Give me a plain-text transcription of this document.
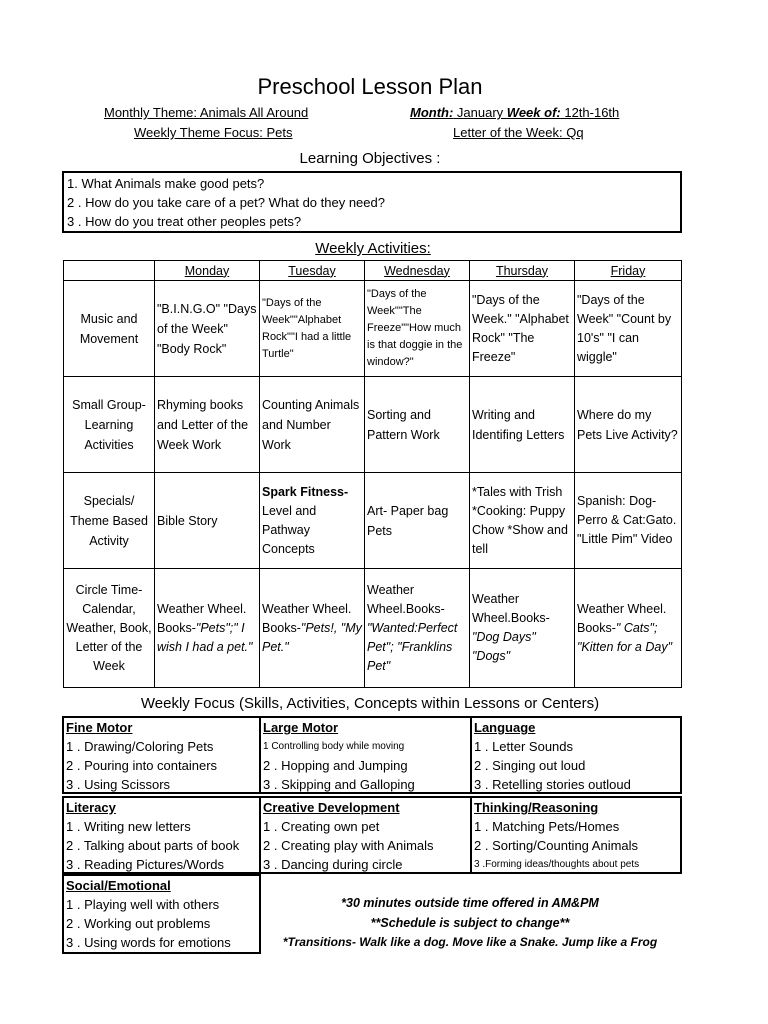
Preschool Lesson Plan
Monthly Theme: Animals All Around
Weekly Theme Focus: Pets
Month: January Week of: 12th-16th
Letter of the Week: Qq
Learning Objectives :
1. What Animals make good pets?
2 . How do you take care of a pet? What do they need?
3 . How do you treat other peoples pets?
Weekly Activities:
	Monday	Tuesday	Wednesday	Thursday	Friday
Music and Movement	"B.I.N.G.O" "Days of the Week" "Body Rock"	"Days of the Week""Alphabet Rock""I had a little Turtle"	"Days of the Week""The Freeze""How much is that doggie in the window?"	"Days of the Week." "Alphabet Rock" "The Freeze"	"Days of the Week" "Count by 10's" "I can wiggle"
Small Group- Learning Activities	Rhyming books and Letter of the Week Work	Counting Animals and Number Work	Sorting and Pattern Work	Writing and Identifing Letters	Where do my Pets Live Activity?
Specials/ Theme Based Activity	Bible Story	Spark Fitness- Level and Pathway Concepts	Art- Paper bag Pets	*Tales with Trish *Cooking: Puppy Chow *Show and tell	Spanish: Dog-Perro & Cat:Gato. "Little Pim" Video
Circle Time- Calendar, Weather, Book, Letter of the Week	Weather Wheel. Books-"Pets";" I wish I had a pet."	Weather Wheel. Books-"Pets!, "My Pet."	Weather Wheel.Books-"Wanted:Perfect Pet"; "Franklins Pet"	Weather Wheel.Books-"Dog Days" "Dogs"	Weather Wheel. Books-" Cats"; "Kitten for a Day"
Weekly Focus (Skills, Activities, Concepts within Lessons or Centers)
Fine Motor
1 . Drawing/Coloring Pets
2 . Pouring into containers
3 . Using Scissors
Large Motor
1 Controlling body while moving
2 . Hopping and Jumping
3 . Skipping and Galloping
Language
1 . Letter Sounds
2 . Singing out loud
3 . Retelling stories outloud
Literacy
1 . Writing new letters
2 . Talking about parts of book
3 . Reading Pictures/Words
Creative Development
1 . Creating own pet
2 . Creating play with Animals
3 . Dancing during circle
Thinking/Reasoning
1 . Matching Pets/Homes
2 . Sorting/Counting Animals
3 .Forming ideas/thoughts about pets
Social/Emotional
1 . Playing well with others
2 . Working out problems
3 . Using words for emotions
*30 minutes outside time offered in AM&PM
**Schedule is subject to change**
*Transitions- Walk like a dog. Move like a Snake. Jump like a Frog
